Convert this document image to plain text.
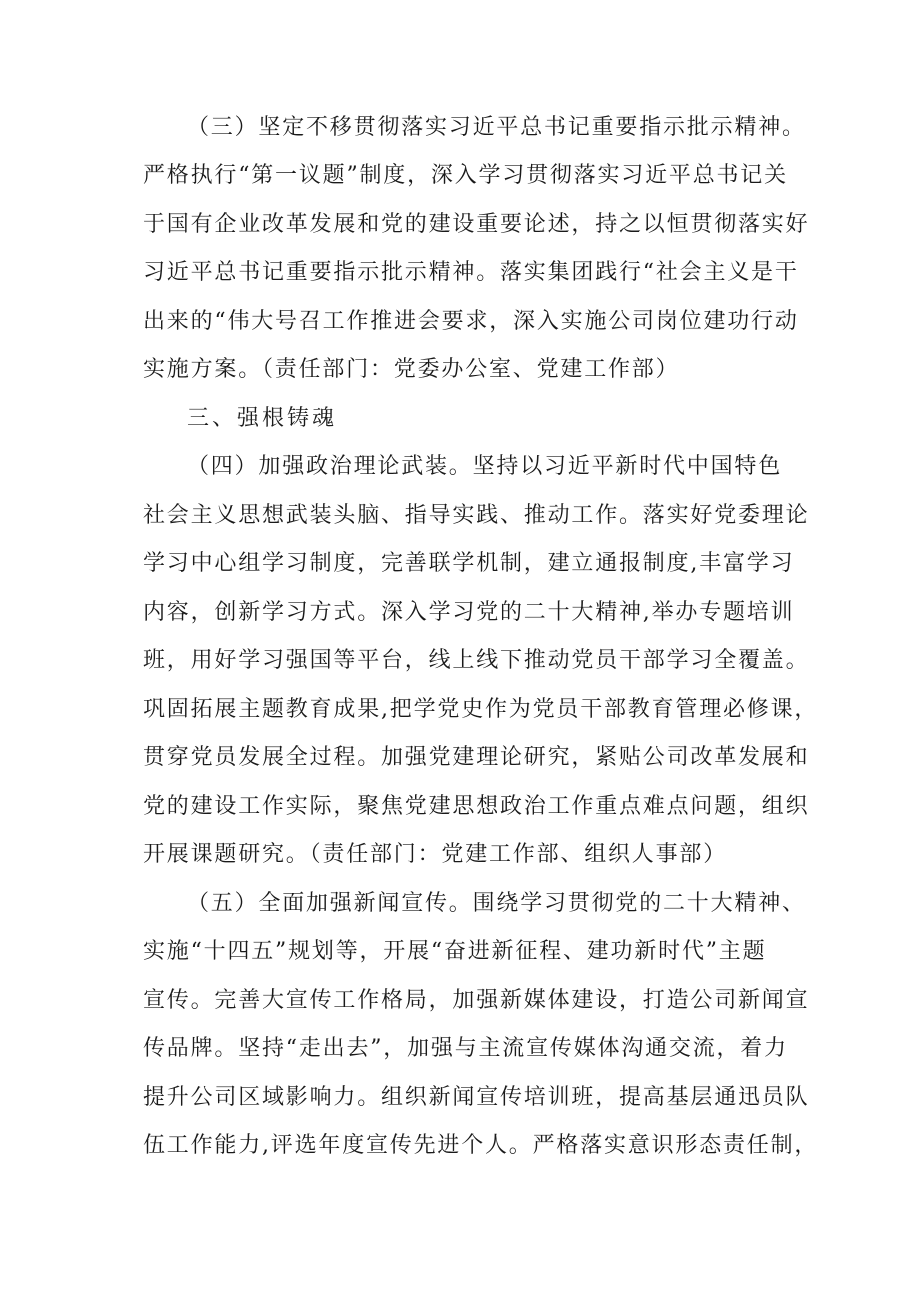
（三）坚定不移贯彻落实习近平总书记重要指示批示精神。
严格执行“第一议题”制度，深入学习贯彻落实习近平总书记关
于国有企业改革发展和党的建设重要论述，持之以恒贯彻落实好
习近平总书记重要指示批示精神。落实集团践行“社会主义是干
出来的“伟大号召工作推进会要求，深入实施公司岗位建功行动
实施方案。（责任部门：党委办公室、党建工作部）
三、强根铸魂
（四）加强政治理论武装。坚持以习近平新时代中国特色
社会主义思想武装头脑、指导实践、推动工作。落实好党委理论
学习中心组学习制度，完善联学机制，建立通报制度,丰富学习
内容，创新学习方式。深入学习党的二十大精神,举办专题培训
班，用好学习强国等平台，线上线下推动党员干部学习全覆盖。
巩固拓展主题教育成果,把学党史作为党员干部教育管理必修课，
贯穿党员发展全过程。加强党建理论研究，紧贴公司改革发展和
党的建设工作实际，聚焦党建思想政治工作重点难点问题，组织
开展课题研究。（责任部门：党建工作部、组织人事部）
（五）全面加强新闻宣传。围绕学习贯彻党的二十大精神、
实施“十四五”规划等，开展“奋进新征程、建功新时代”主题
宣传。完善大宣传工作格局，加强新媒体建设，打造公司新闻宣
传品牌。坚持“走出去”，加强与主流宣传媒体沟通交流，着力
提升公司区域影响力。组织新闻宣传培训班，提高基层通迅员队
伍工作能力,评选年度宣传先进个人。严格落实意识形态责任制，
